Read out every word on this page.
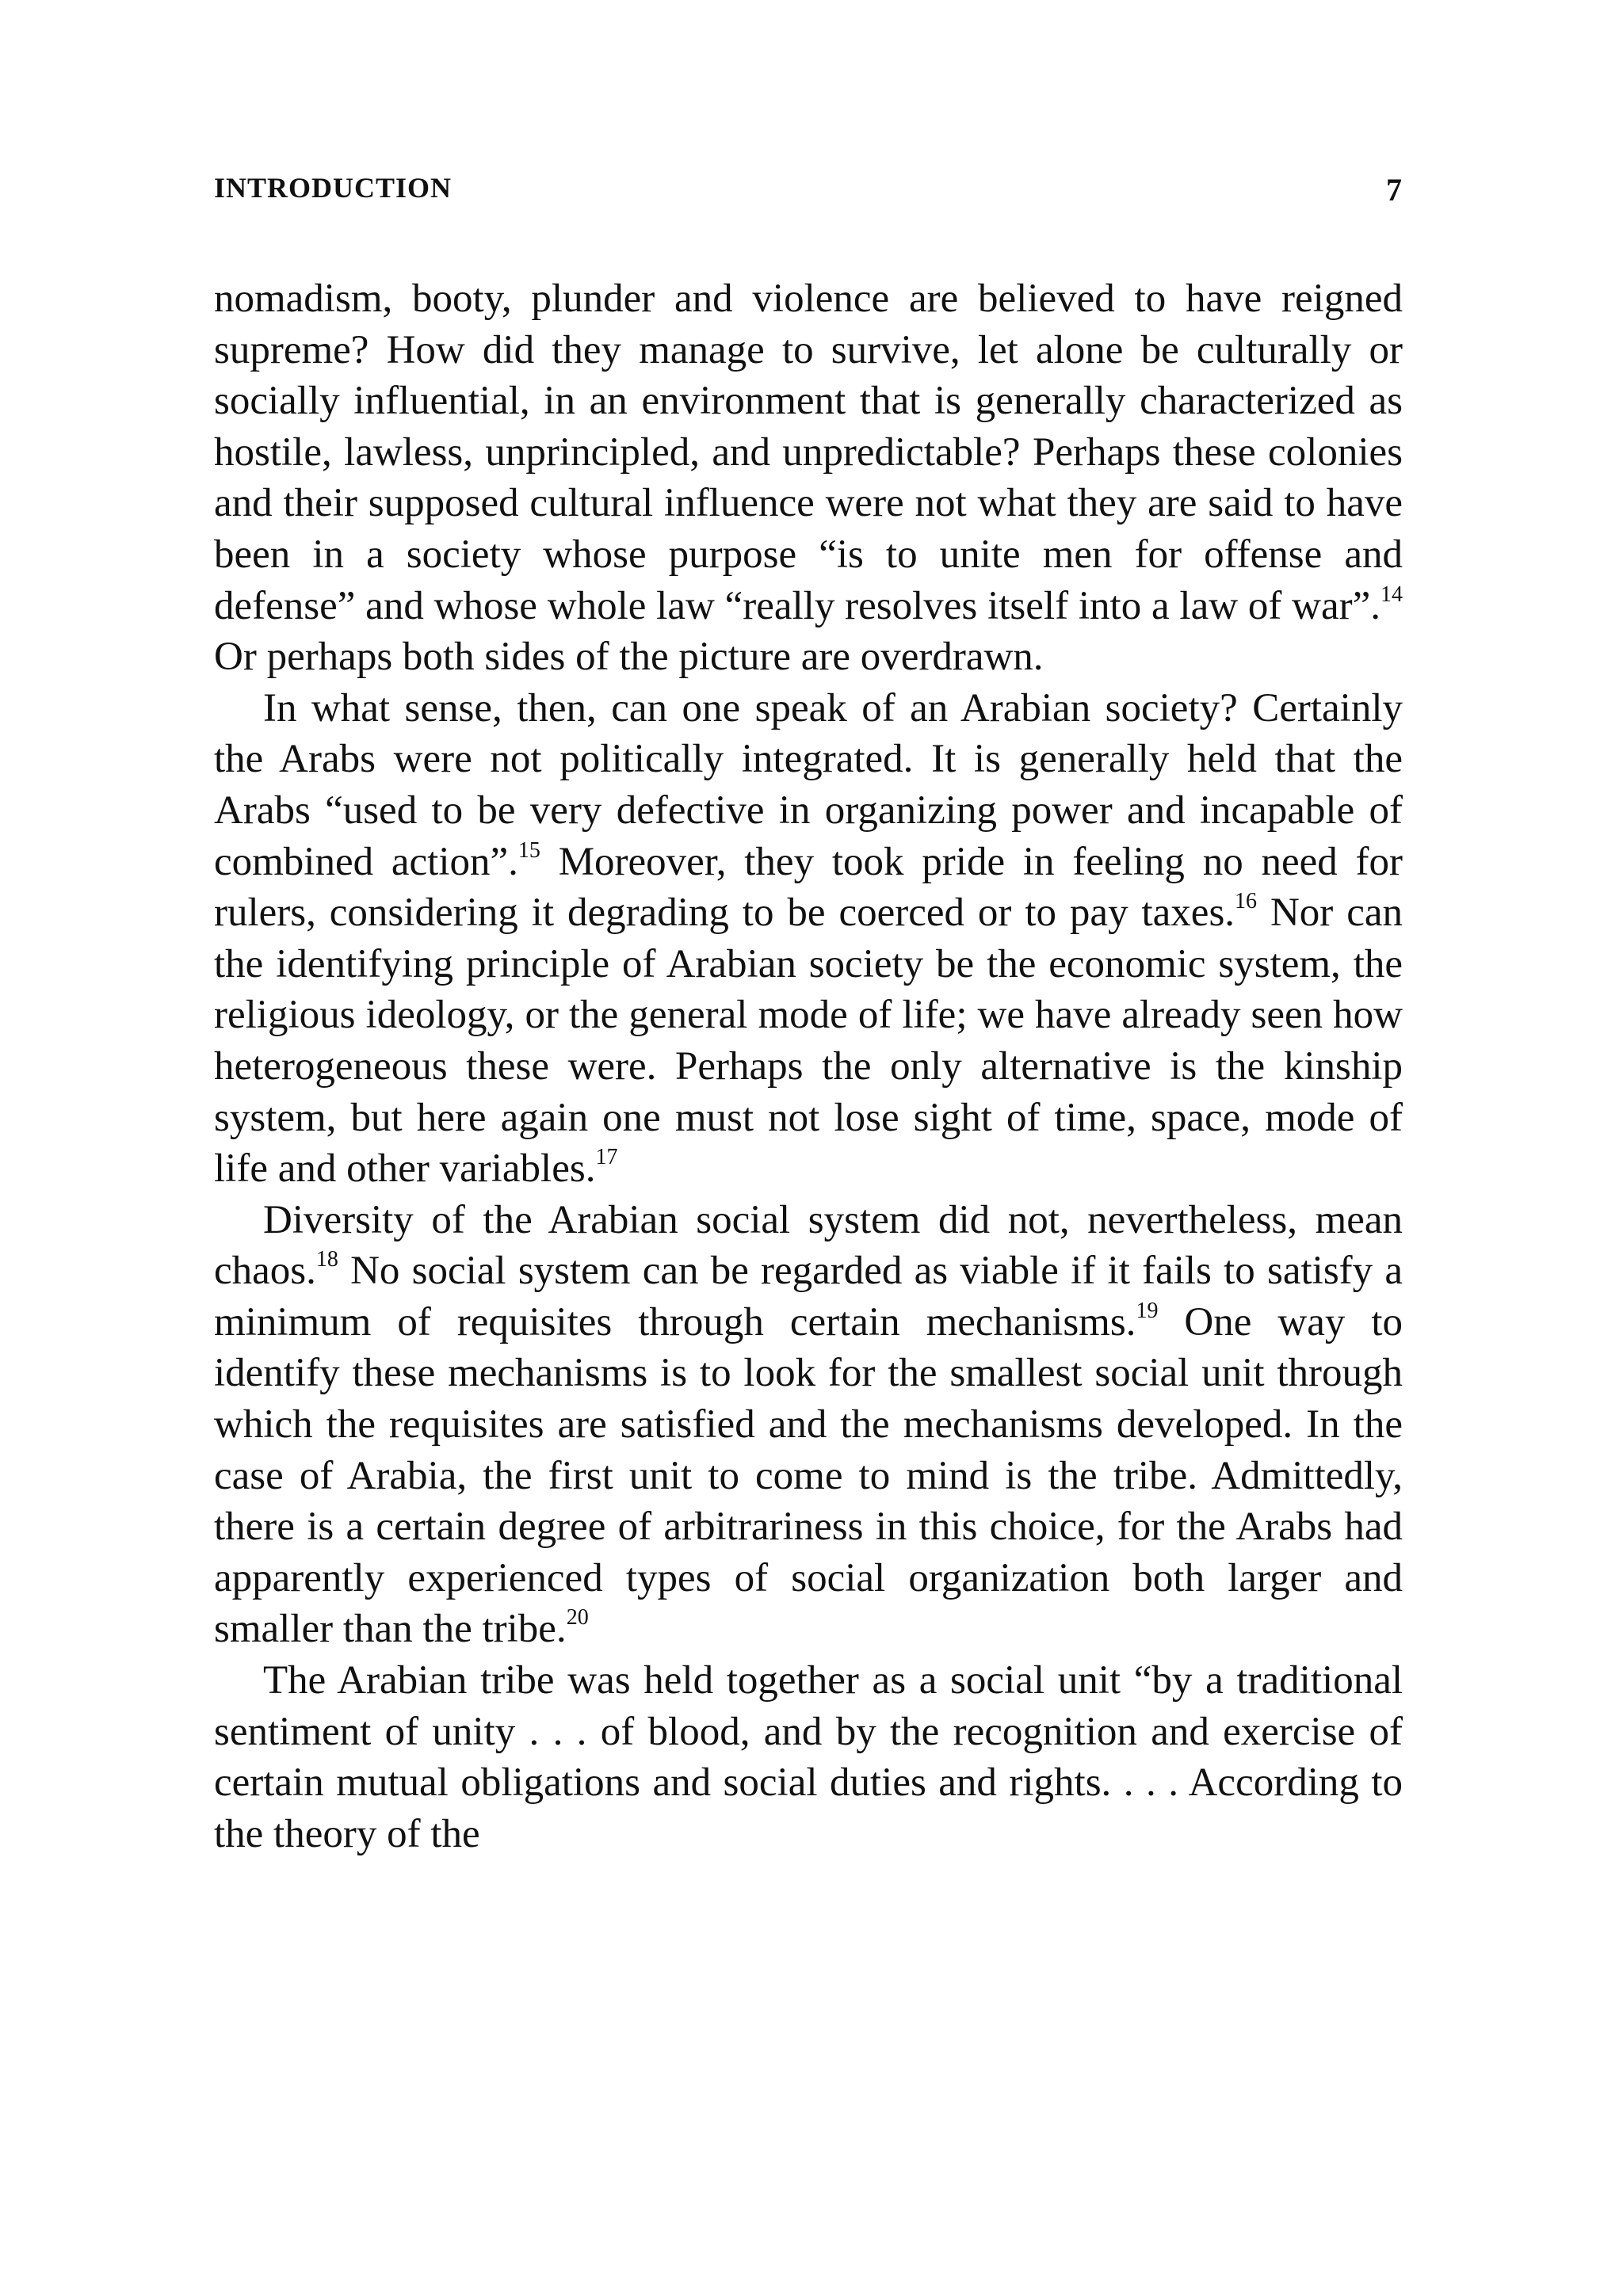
INTRODUCTION	7

nomadism, booty, plunder and violence are believed to have reigned supreme? How did they manage to survive, let alone be culturally or socially influential, in an environment that is generally characterized as hostile, lawless, unprincipled, and unpredictable? Perhaps these colonies and their supposed cultural influence were not what they are said to have been in a society whose purpose “is to unite men for offense and defense” and whose whole law “really resolves itself into a law of war”.$^{14}$ Or perhaps both sides of the picture are overdrawn.

In what sense, then, can one speak of an Arabian society? Certainly the Arabs were not politically integrated. It is generally held that the Arabs “used to be very defective in organizing power and incapable of combined action”.$^{15}$ Moreover, they took pride in feeling no need for rulers, considering it degrading to be coerced or to pay taxes.$^{16}$ Nor can the identifying principle of Arabian society be the economic system, the religious ideology, or the general mode of life; we have already seen how heterogeneous these were. Perhaps the only alternative is the kinship system, but here again one must not lose sight of time, space, mode of life and other variables.$^{17}$

Diversity of the Arabian social system did not, nevertheless, mean chaos.$^{18}$ No social system can be regarded as viable if it fails to satisfy a minimum of requisites through certain mechanisms.$^{19}$ One way to identify these mechanisms is to look for the smallest social unit through which the requisites are satisfied and the mechanisms developed. In the case of Arabia, the first unit to come to mind is the tribe. Admittedly, there is a certain degree of arbitrariness in this choice, for the Arabs had apparently experienced types of social organization both larger and smaller than the tribe.$^{20}$

The Arabian tribe was held together as a social unit “by a traditional sentiment of unity . . . of blood, and by the recognition and exercise of certain mutual obligations and social duties and rights. . . . According to the theory of the
